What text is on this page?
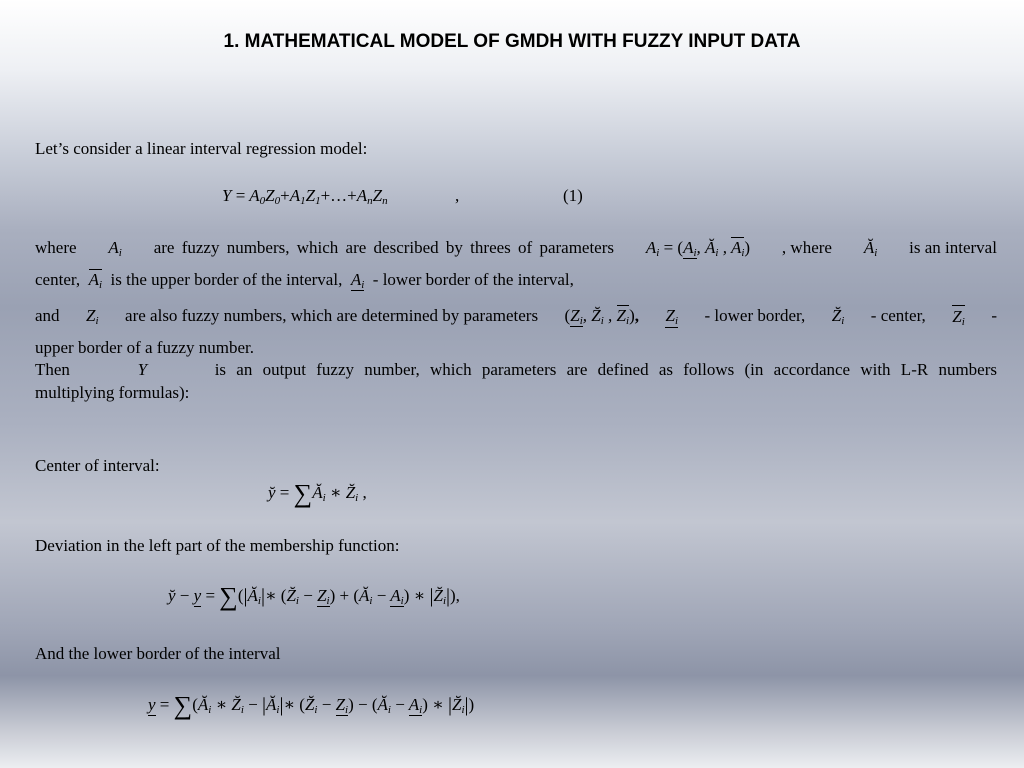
1. MATHEMATICAL MODEL OF GMDH WITH FUZZY INPUT DATA
Let’s consider a linear interval regression model:
$Y = A_0Z_0+A_1Z_1+\dots+A_nZ_n$	,	(1)
where $A_i$ are fuzzy numbers, which are described by threes of parameters $A_i = (A_i$, $Ă_i$ , $A_i$) , where $Ă_i$ is an interval
center, $A_i$ is the upper border of the interval, $A_i$ - lower border of the interval,
and $Z_i$ are also fuzzy numbers, which are determined by parameters ($Z_i$, $Z̆_i$ , $Z_i$), $Z_i$ - lower border, $Z̆_i$ - center, $Z_i$ -
upper border of a fuzzy number.
Then	Y	is an output fuzzy number, which parameters are defined as follows (in accordance with L-R numbers
multiplying formulas):
Center of interval:
y̆ = $\sum Ă_i$ ∗ $Z̆_i$ ,
Deviation in the left part of the membership function:
y̆ − $y = \sum(|Ă_i|∗$ $(Z̆_i - Z_i)$ + $(Ă_i - A_i)$ ∗ $|Z̆_i|$),
And the lower border of the interval
$y = \sum(Ă_i$ ∗ $Z̆_i$ − $|Ă_i|∗$ $(Z̆_i - Z_i)$ − $(Ă_i - A_i)$ ∗ $|Z̆_i|$)
